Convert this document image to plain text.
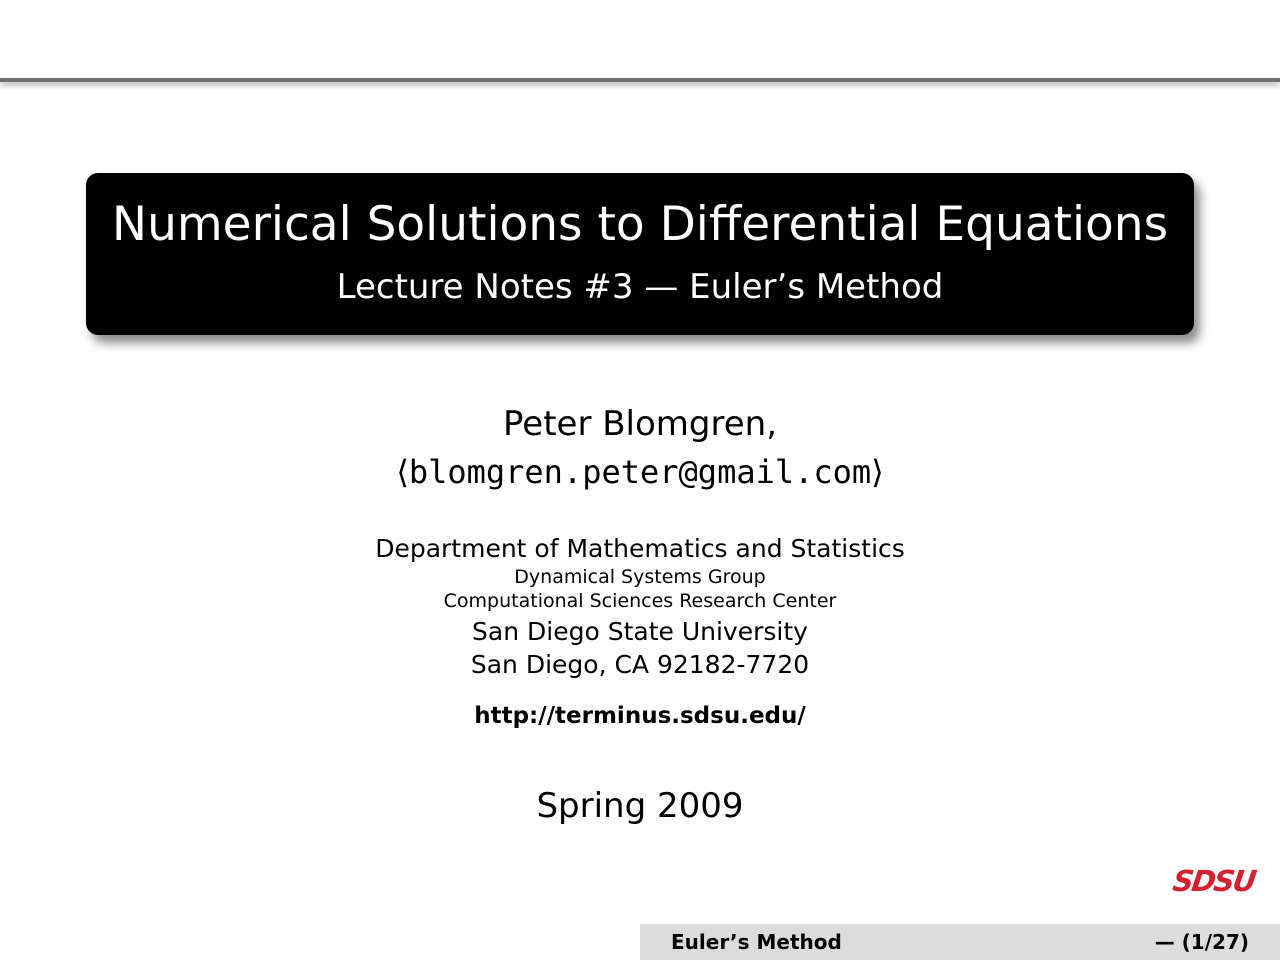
Numerical Solutions to Differential Equations
Lecture Notes #3 — Euler’s Method
Peter Blomgren,
⟨blomgren.peter@gmail.com⟩
Department of Mathematics and Statistics
Dynamical Systems Group
Computational Sciences Research Center
San Diego State University
San Diego, CA 92182-7720
http://terminus.sdsu.edu/
Spring 2009
SDSU
Euler’s Method	— (1/27)
